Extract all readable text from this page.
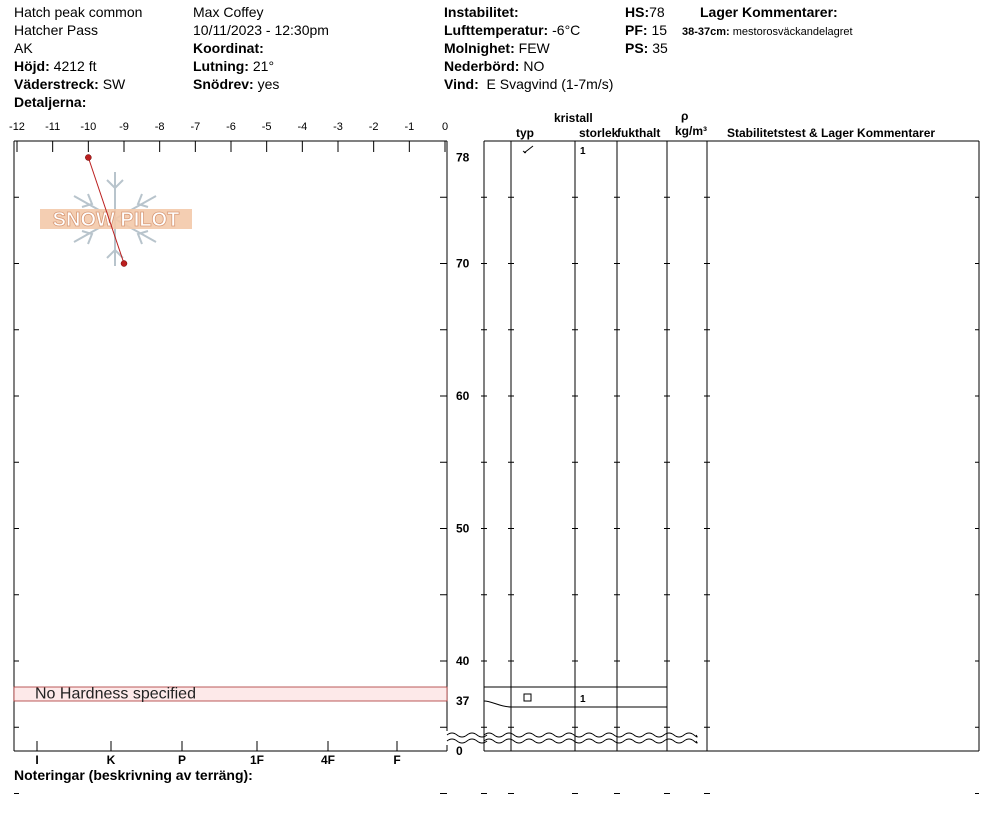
Hatch peak common
Hatcher Pass
AK
Höjd: 4212 ft
Väderstreck: SW
Detaljerna:
Max Coffey
10/11/2023 - 12:30pm
Koordinat:
Lutning: 21°
Snödrev: yes
Instabilitet:
Lufttemperatur: -6°C
Molnighet: FEW
Nederbörd: NO
Vind: E Svagvind (1-7m/s)
HS:78
PF: 15
PS: 35
Lager Kommentarer:
38-37cm: mestorosväckandelagret
kristall
typ	storlek
fukthalt
ρ
kg/m³ Stabilitetstest & Lager Kommentarer
SNOW PILOT
-12 -11 -10 -9 -8 -7 -6 -5 -4 -3 -2 -1	0
I	K	P	1F	4F	F
78
70
60
50
40
37
0
No Hardness specified
1
1
Noteringar (beskrivning av terräng):
